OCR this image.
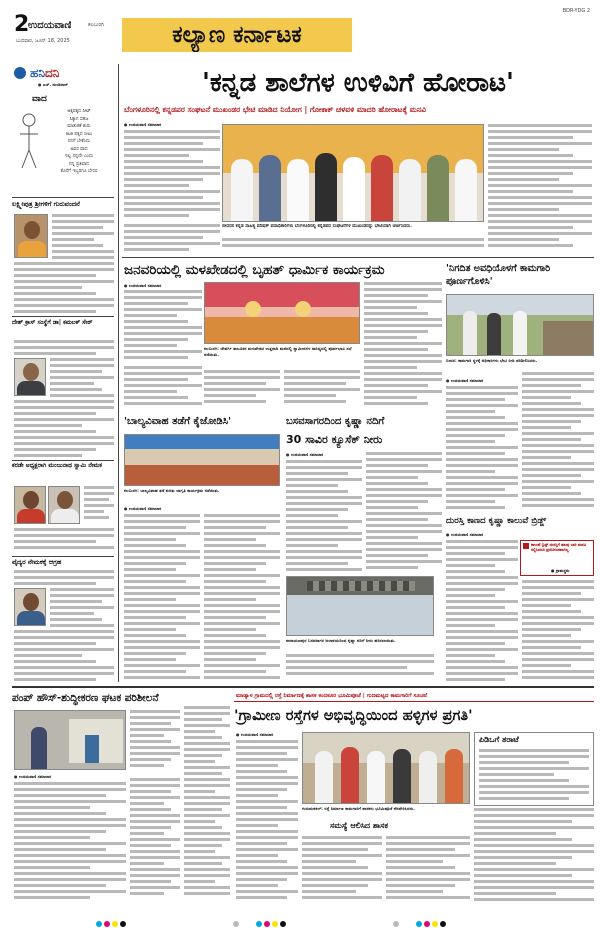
2
ಉದಯವಾಣಿ	ಕಲಬುರಗಿ
ಬುಧವಾರ, ಜೂನ್ 18, 2025	ಕಲ್ಯಾಣ ಕರ್ನಾಟಕ
BDR-YDG 2
ಹನಿದನಿ
● ಎಚ್. ಡುಂಡಿರಾಜ್
ವಾದ
ಅಕ್ಕಪಕ್ಕದ ಸೀಟ್
ಸಿಕ್ಕಾಗ ಸಹಜ
ಮಾತುಕತೆ ಶುರು
ಕಿಟಕಿ ಪಕ್ಕದ ಸೀಟು
ನನಗೆ ಬೇಕೆಂದು
ಅವರ ವಾದ
ಇಲ್ಲ ನನ್ನದೇ ಎಂದು
ನನ್ನ ಪ್ರತಿವಾದ
ಕೊನೆಗೆ ಇಬ್ಬರಿಗೂ ಬೇಸರ
ಲಕ್ಷ್ಮೀಪುತ್ರ ಶ್ರೀಗಳಿಗೆ ಗುರುವಂದನೆ
ದೇಶ್ ಕ್ರಾಸ್ ಸಂಸ್ಥೆಗೆ ಡಾ| ಕಮಲಕ್ ಸೇಠ್
ಕರಡೇ ಅಧ್ಯಕ್ಷರಾಗಿ ಮಂಜುನಾಥ ಸ್ವಾಮಿ ನೇಮಕ
ವೈದ್ಯರ ನೇಮಕಕ್ಕೆ ಆಗ್ರಹ
'ಕನ್ನಡ ಶಾಲೆಗಳ ಉಳಿವಿಗೆ ಹೋರಾಟ'
ಬೆಂಗಳೂರಿನಲ್ಲಿ ಕನ್ನಡಪರ ಸಂಘಟನೆ ಮುಖಂಡರ ಭೇಟಿ ಮಾಡಿದ ನಿಯೋಗ | ಗೋಕಾಕ್ ಚಳವಳಿ ಮಾದರಿ ಹೋರಾಟಕ್ಕೆ ಮನವಿ
● ಉದಯವಾಣಿ ಸಮಾಚಾರ
ಬೀದರನ ಕನ್ನಡ ಸಾಹಿತ್ಯ ಪರಿಷತ್ ಪದಾಧಿಕಾರಿಗಳು ಬೆಂಗಳೂರಿನಲ್ಲಿ ಕನ್ನಡಪರ ಸಂಘಟನೆಗಳ ಮುಖಂಡರನ್ನು ಭೇಟಿಯಾಗಿ ಚರ್ಚಿಸಿದರು.
ಜನವರಿಯಲ್ಲಿ ಮಳಖೇಡದಲ್ಲಿ ಬೃಹತ್ ಧಾರ್ಮಿಕ ಕಾರ್ಯಕ್ರಮ
● ಉದಯವಾಣಿ ಸಮಾಚಾರ
ಕಲಬುರಗಿ: ಜೇವರ್ಗಿ ತಾಲೂಕಿನ ಮಳಖೇಡದ ಉತ್ತರಾದಿ ಮಠದಲ್ಲಿ ಸ್ವಾಮೀಜಿಗಳ ಸಾನಿಧ್ಯದಲ್ಲಿ ಪೂರ್ವಭಾವಿ ಸಭೆ ನಡೆಯಿತು.
'ನಿಗದಿತ ಅವಧಿಯೊಳಗೆ ಕಾಮಗಾರಿ ಪೂರ್ಣಗೊಳಿಸಿ'
ಬೀದರ: ಕಾಮಗಾರಿ ಸ್ಥಳಕ್ಕೆ ಅಧಿಕಾರಿಗಳು ಭೇಟಿ ನೀಡಿ ಪರಿಶೀಲಿಸಿದರು.
● ಉದಯವಾಣಿ ಸಮಾಚಾರ
'ಬಾಲ್ಯವಿವಾಹ ತಡೆಗೆ ಕೈಜೋಡಿಸಿ'
ಕಲಬುರಗಿ: ಬಾಲ್ಯವಿವಾಹ ತಡೆ ಕುರಿತು ಜಾಗೃತಿ ಕಾರ್ಯಕ್ರಮ ನಡೆಯಿತು.
● ಉದಯವಾಣಿ ಸಮಾಚಾರ
ಬಸವಸಾಗರದಿಂದ ಕೃಷ್ಣಾ ನದಿಗೆ
30 ಸಾವಿರ ಕ್ಯೂಸೆಕ್ ನೀರು
● ಉದಯವಾಣಿ ಸಮಾಚಾರ
ನಾರಾಯಣಪುರ ಬಸವಸಾಗರ ಜಲಾಶಯದಿಂದ ಕೃಷ್ಣಾ ನದಿಗೆ ನೀರು ಹರಿಸಲಾಯಿತು.
ದುರಸ್ತಿ ಕಾಣದ ಕೃಷ್ಣಾ ಕಾಲುವೆ ಬ್ರಿಡ್ಜ್
● ಉದಯವಾಣಿ ಸಮಾಚಾರ
ಕಾಲುವೆ ಬ್ರಿಡ್ಜ್ ದುರಸ್ತಿಗೆ ಹಲವು ಬಾರಿ ಮನವಿ ಸಲ್ಲಿಸಿದರೂ ಪ್ರಯೋಜನವಾಗಿಲ್ಲ.
● ಗ್ರಾಮಸ್ಥರು
ಪಂಪ್ ಹೌಸ್-ಶುದ್ಧೀಕರಣ ಘಟಕ ಪರಿಶೀಲನೆ
● ಉದಯವಾಣಿ ಸಮಾಚಾರ
ಮಾಡ್ಯಾಳ ಗ್ರಾಮದಲ್ಲಿ ರಸ್ತೆ ನಿರ್ಮಾಣಕ್ಕೆ ಶಾಸಕ ಕಂದಕೂರ ಭೂಮಿಪೂಜೆ | ಗುಣಮಟ್ಟದ ಕಾಮಗಾರಿಗೆ ಸೂಚನೆ
'ಗ್ರಾಮೀಣ ರಸ್ತೆಗಳ ಅಭಿವೃದ್ಧಿಯಿಂದ ಹಳ್ಳಿಗಳ ಪ್ರಗತಿ'
● ಉದಯವಾಣಿ ಸಮಾಚಾರ
ಗುರುಮಠಕಲ್: ರಸ್ತೆ ನಿರ್ಮಾಣ ಕಾಮಗಾರಿಗೆ ಶಾಸಕರು ಭೂಮಿಪೂಜೆ ನೆರವೇರಿಸಿದರು.
ಸಮಸ್ಯೆ ಆಲಿಸಿದ ಶಾಸಕ
ಪಿಡಿಒಗೆ ತರಾಟೆ
